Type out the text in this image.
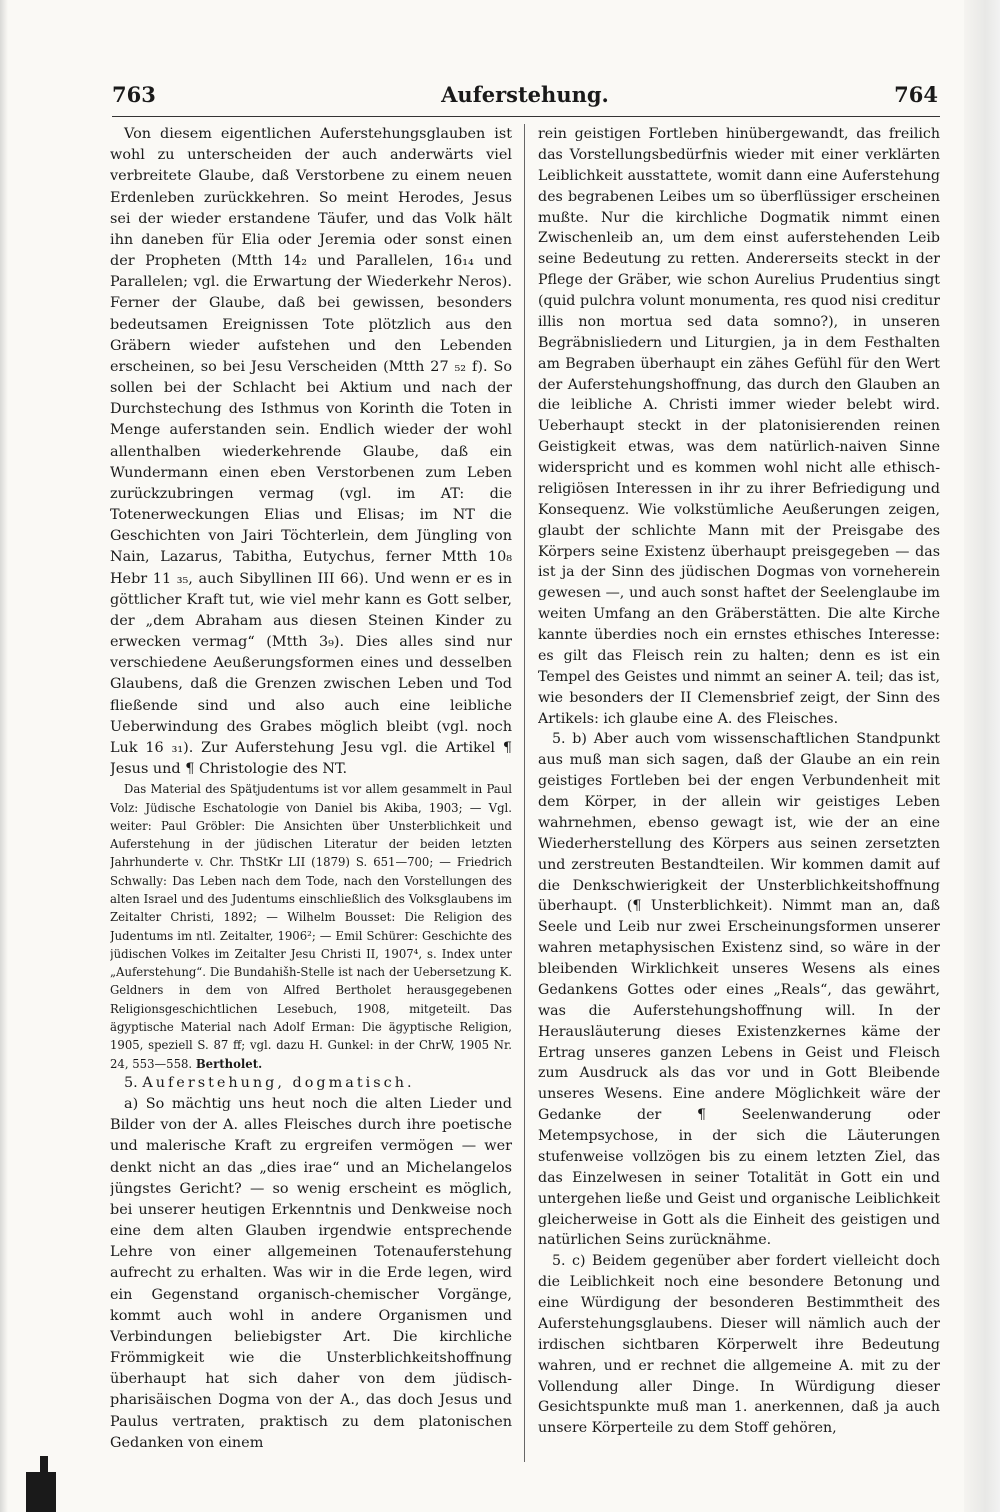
763	Auferstehung.	764

Von diesem eigentlichen Auferstehungsglauben ist wohl zu unterscheiden der auch anderwärts viel verbreitete Glaube, daß Verstorbene zu einem neuen Erdenleben zurückkehren. So meint Herodes, Jesus sei der wieder erstandene Täufer, und das Volk hält ihn daneben für Elia oder Jeremia oder sonst einen der Propheten (Mtth 14₂ und Parallelen, 16₁₄ und Parallelen; vgl. die Erwartung der Wiederkehr Neros). Ferner der Glaube, daß bei gewissen, besonders bedeutsamen Ereignissen Tote plötzlich aus den Gräbern wieder aufstehen und den Lebenden erscheinen, so bei Jesu Verscheiden (Mtth 27 ₅₂ f). So sollen bei der Schlacht bei Aktium und nach der Durchstechung des Isthmus von Korinth die Toten in Menge auferstanden sein. Endlich wieder der wohl allenthalben wiederkehrende Glaube, daß ein Wundermann einen eben Verstorbenen zum Leben zurückzubringen vermag (vgl. im AT: die Totenerweckungen Elias und Elisas; im NT die Geschichten von Jairi Töchterlein, dem Jüngling von Nain, Lazarus, Tabitha, Eutychus, ferner Mtth 10₈ Hebr 11 ₃₅, auch Sibyllinen III 66). Und wenn er es in göttlicher Kraft tut, wie viel mehr kann es Gott selber, der „dem Abraham aus diesen Steinen Kinder zu erwecken vermag“ (Mtth 3₉). Dies alles sind nur verschiedene Aeußerungsformen eines und desselben Glaubens, daß die Grenzen zwischen Leben und Tod fließende sind und also auch eine leibliche Ueberwindung des Grabes möglich bleibt (vgl. noch Luk 16 ₃₁). Zur Auferstehung Jesu vgl. die Artikel ¶ Jesus und ¶ Christologie des NT.

Das Material des Spätjudentums ist vor allem gesammelt in Paul Volz: Jüdische Eschatologie von Daniel bis Akiba, 1903; — Vgl. weiter: Paul Gröbler: Die Ansichten über Unsterblichkeit und Auferstehung in der jüdischen Literatur der beiden letzten Jahrhunderte v. Chr. ThStKr LII (1879) S. 651—700; — Friedrich Schwally: Das Leben nach dem Tode, nach den Vorstellungen des alten Israel und des Judentums einschließlich des Volksglaubens im Zeitalter Christi, 1892; — Wilhelm Bousset: Die Religion des Judentums im ntl. Zeitalter, 1906²; — Emil Schürer: Geschichte des jüdischen Volkes im Zeitalter Jesu Christi II, 1907⁴, s. Index unter „Auferstehung“. Die Bundahišh-Stelle ist nach der Uebersetzung K. Geldners in dem von Alfred Bertholet herausgegebenen Religionsgeschichtlichen Lesebuch, 1908, mitgeteilt. Das ägyptische Material nach Adolf Erman: Die ägyptische Religion, 1905, speziell S. 87 ff; vgl. dazu H. Gunkel: in der ChrW, 1905 Nr. 24, 553—558. Bertholet.

5. Auferstehung, dogmatisch.

a) So mächtig uns heut noch die alten Lieder und Bilder von der A. alles Fleisches durch ihre poetische und malerische Kraft zu ergreifen vermögen — wer denkt nicht an das „dies irae“ und an Michelangelos jüngstes Gericht? — so wenig erscheint es möglich, bei unserer heutigen Erkenntnis und Denkweise noch eine dem alten Glauben irgendwie entsprechende Lehre von einer allgemeinen Totenauferstehung aufrecht zu erhalten. Was wir in die Erde legen, wird ein Gegenstand organisch-chemischer Vorgänge, kommt auch wohl in andere Organismen und Verbindungen beliebigster Art. Die kirchliche Frömmigkeit wie die Unsterblichkeitshoffnung überhaupt hat sich daher von dem jüdisch-pharisäischen Dogma von der A., das doch Jesus und Paulus vertraten, praktisch zu dem platonischen Gedanken von einem

rein geistigen Fortleben hinübergewandt, das freilich das Vorstellungsbedürfnis wieder mit einer verklärten Leiblichkeit ausstattete, womit dann eine Auferstehung des begrabenen Leibes um so überflüssiger erscheinen mußte. Nur die kirchliche Dogmatik nimmt einen Zwischenleib an, um dem einst auferstehenden Leib seine Bedeutung zu retten. Andererseits steckt in der Pflege der Gräber, wie schon Aurelius Prudentius singt (quid pulchra volunt monumenta, res quod nisi creditur illis non mortua sed data somno?), in unseren Begräbnisliedern und Liturgien, ja in dem Festhalten am Begraben überhaupt ein zähes Gefühl für den Wert der Auferstehungshoffnung, das durch den Glauben an die leibliche A. Christi immer wieder belebt wird. Ueberhaupt steckt in der platonisierenden reinen Geistigkeit etwas, was dem natürlich-naiven Sinne widerspricht und es kommen wohl nicht alle ethisch-religiösen Interessen in ihr zu ihrer Befriedigung und Konsequenz. Wie volkstümliche Aeußerungen zeigen, glaubt der schlichte Mann mit der Preisgabe des Körpers seine Existenz überhaupt preisgegeben — das ist ja der Sinn des jüdischen Dogmas von vorneherein gewesen —, und auch sonst haftet der Seelenglaube im weiten Umfang an den Gräberstätten. Die alte Kirche kannte überdies noch ein ernstes ethisches Interesse: es gilt das Fleisch rein zu halten; denn es ist ein Tempel des Geistes und nimmt an seiner A. teil; das ist, wie besonders der II Clemensbrief zeigt, der Sinn des Artikels: ich glaube eine A. des Fleisches.

5. b) Aber auch vom wissenschaftlichen Standpunkt aus muß man sich sagen, daß der Glaube an ein rein geistiges Fortleben bei der engen Verbundenheit mit dem Körper, in der allein wir geistiges Leben wahrnehmen, ebenso gewagt ist, wie der an eine Wiederherstellung des Körpers aus seinen zersetzten und zerstreuten Bestandteilen. Wir kommen damit auf die Denkschwierigkeit der Unsterblichkeitshoffnung überhaupt. (¶ Unsterblichkeit). Nimmt man an, daß Seele und Leib nur zwei Erscheinungsformen unserer wahren metaphysischen Existenz sind, so wäre in der bleibenden Wirklichkeit unseres Wesens als eines Gedankens Gottes oder eines „Reals“, das gewährt, was die Auferstehungshoffnung will. In der Herausläuterung dieses Existenzkernes käme der Ertrag unseres ganzen Lebens in Geist und Fleisch zum Ausdruck als das vor und in Gott Bleibende unseres Wesens. Eine andere Möglichkeit wäre der Gedanke der ¶ Seelenwanderung oder Metempsychose, in der sich die Läuterungen stufenweise vollzögen bis zu einem letzten Ziel, das das Einzelwesen in seiner Totalität in Gott ein und untergehen ließe und Geist und organische Leiblichkeit gleicherweise in Gott als die Einheit des geistigen und natürlichen Seins zurücknähme.

5. c) Beidem gegenüber aber fordert vielleicht doch die Leiblichkeit noch eine besondere Betonung und eine Würdigung der besonderen Bestimmtheit des Auferstehungsglaubens. Dieser will nämlich auch der irdischen sichtbaren Körperwelt ihre Bedeutung wahren, und er rechnet die allgemeine A. mit zu der Vollendung aller Dinge. In Würdigung dieser Gesichtspunkte muß man 1. anerkennen, daß ja auch unsere Körperteile zu dem Stoff gehören,
